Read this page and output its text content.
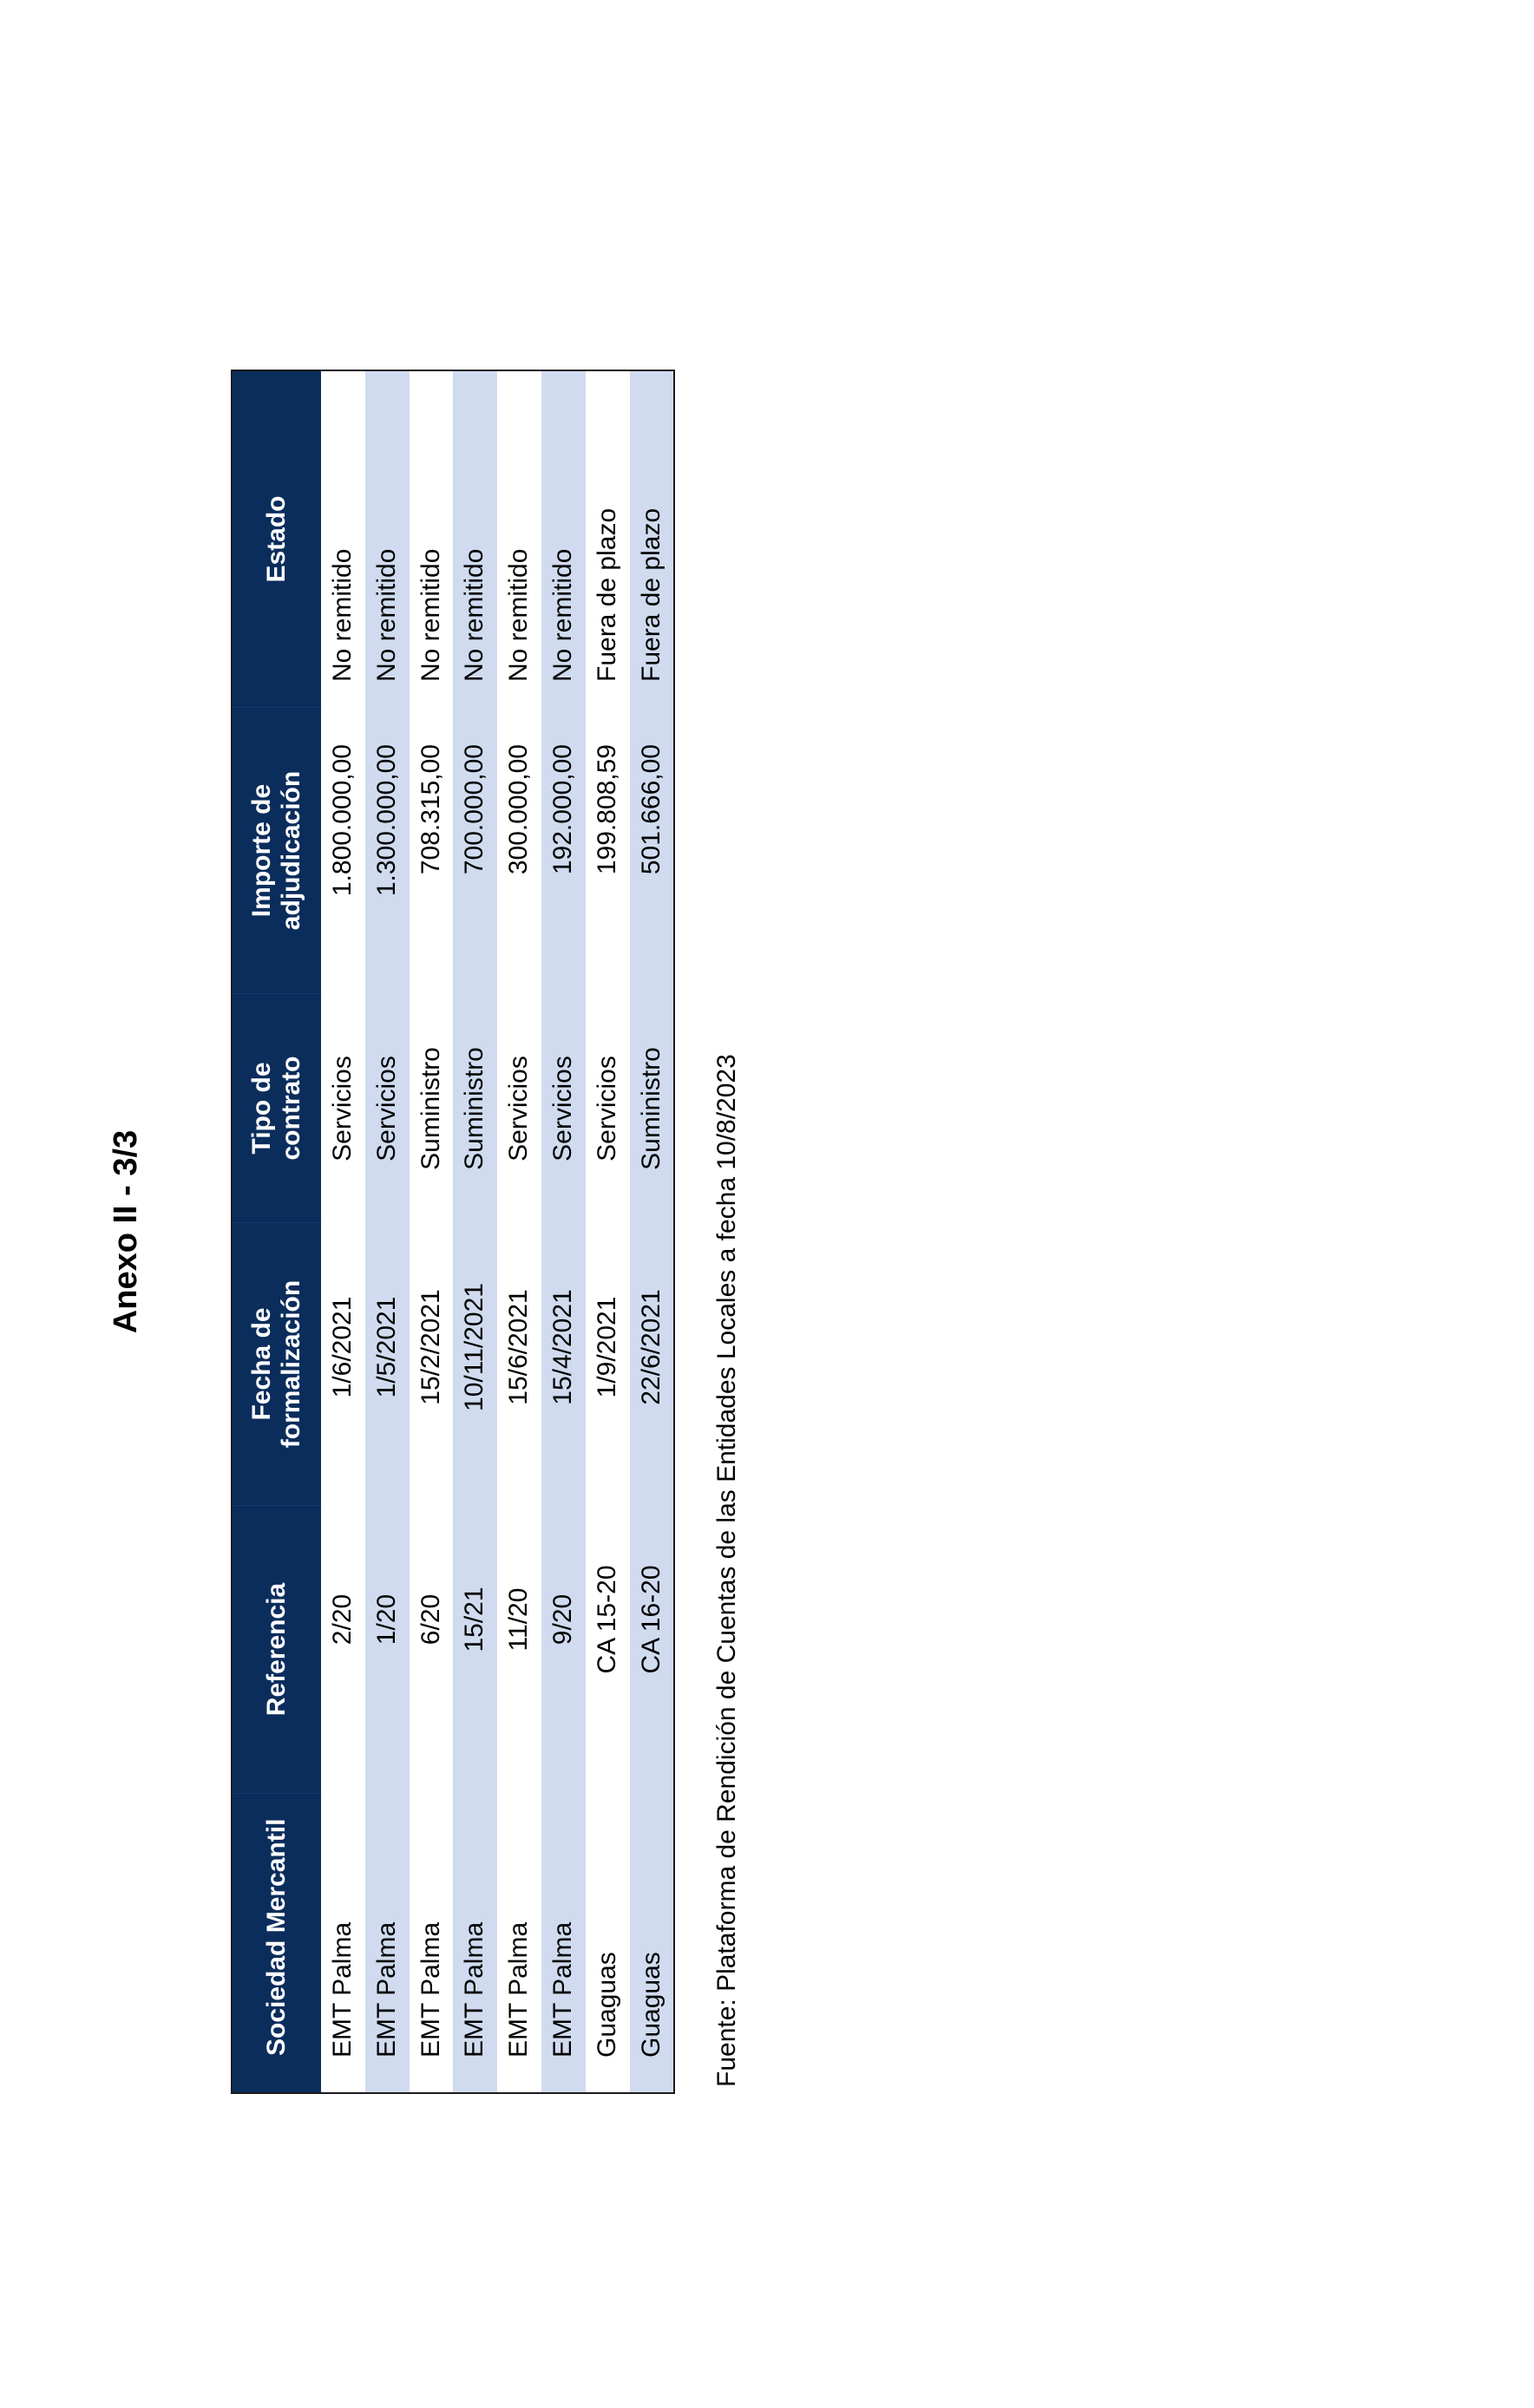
Anexo II - 3/3
Sociedad Mercantil
Referencia
Fecha de
formalización
Tipo de
contrato
Importe de
adjudicación
Estado
EMT Palma
2/20
1/6/2021
Servicios
1.800.000,00
No remitido
EMT Palma
1/20
1/5/2021
Servicios
1.300.000,00
No remitido
EMT Palma
6/20
15/2/2021
Suministro
708.315,00
No remitido
EMT Palma
15/21
10/11/2021
Suministro
700.000,00
No remitido
EMT Palma
11/20
15/6/2021
Servicios
300.000,00
No remitido
EMT Palma
9/20
15/4/2021
Servicios
192.000,00
No remitido
Guaguas
CA 15-20
1/9/2021
Servicios
199.808,59
Fuera de plazo
Guaguas
CA 16-20
22/6/2021
Suministro
501.666,00
Fuera de plazo
Fuente: Plataforma de Rendición de Cuentas de las Entidades Locales a fecha 10/8/2023
